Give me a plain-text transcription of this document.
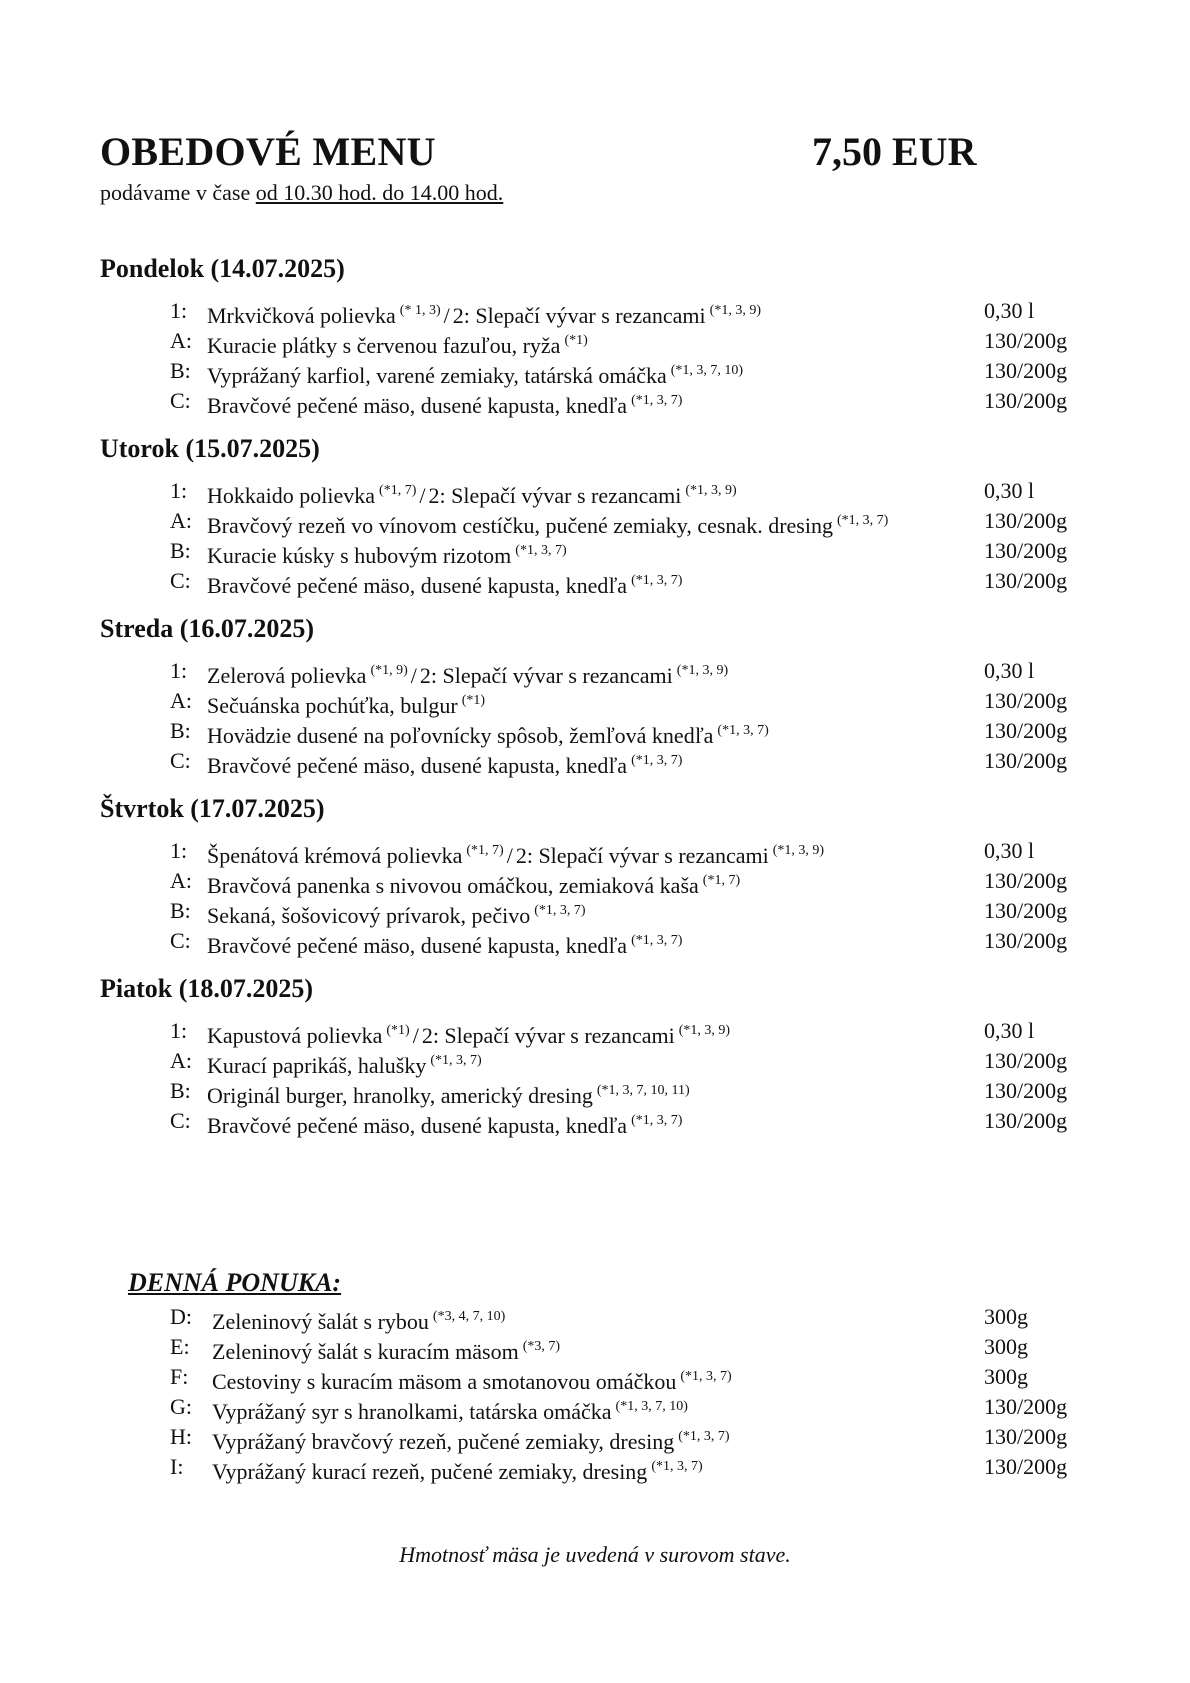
OBEDOVÉ MENU	7,50 EUR
podávame v čase od 10.30 hod. do 14.00 hod.
Pondelok (14.07.2025)
1: Mrkvičková polievka $^{(* 1, 3)}$ / 2: Slepačí vývar s rezancami $^{(*1, 3, 9)}$	0,30 l
A: Kuracie plátky s červenou fazuľou, ryža $^{(*1)}$	130/200g
B: Vyprážaný karfiol, varené zemiaky, tatárská omáčka $^{(*1, 3, 7, 10)}$	130/200g
C: Bravčové pečené mäso, dusené kapusta, knedľa $^{(*1, 3, 7)}$	130/200g
Utorok (15.07.2025)
1: Hokkaido polievka $^{(*1, 7)}$ / 2: Slepačí vývar s rezancami $^{(*1, 3, 9)}$	0,30 l
A: Bravčový rezeň vo vínovom cestíčku, pučené zemiaky, cesnak. dresing $^{(*1, 3, 7)}$	130/200g
B: Kuracie kúsky s hubovým rizotom $^{(*1, 3, 7)}$	130/200g
C: Bravčové pečené mäso, dusené kapusta, knedľa $^{(*1, 3, 7)}$	130/200g
Streda (16.07.2025)
1: Zelerová polievka $^{(*1, 9)}$ / 2: Slepačí vývar s rezancami $^{(*1, 3, 9)}$	0,30 l
A: Sečuánska pochúťka, bulgur $^{(*1)}$	130/200g
B: Hovädzie dusené na poľovnícky spôsob, žemľová knedľa $^{(*1, 3, 7)}$	130/200g
C: Bravčové pečené mäso, dusené kapusta, knedľa $^{(*1, 3, 7)}$	130/200g
Štvrtok (17.07.2025)
1: Špenátová krémová polievka $^{(*1, 7)}$ / 2: Slepačí vývar s rezancami $^{(*1, 3, 9)}$	0,30 l
A: Bravčová panenka s nivovou omáčkou, zemiaková kaša $^{(*1, 7)}$	130/200g
B: Sekaná, šošovicový prívarok, pečivo $^{(*1, 3, 7)}$	130/200g
C: Bravčové pečené mäso, dusené kapusta, knedľa $^{(*1, 3, 7)}$	130/200g
Piatok (18.07.2025)
1: Kapustová polievka $^{(*1)}$ / 2: Slepačí vývar s rezancami $^{(*1, 3, 9)}$	0,30 l
A: Kurací paprikáš, halušky $^{(*1, 3, 7)}$	130/200g
B: Originál burger, hranolky, americký dresing $^{(*1, 3, 7, 10, 11)}$	130/200g
C: Bravčové pečené mäso, dusené kapusta, knedľa $^{(*1, 3, 7)}$	130/200g
DENNÁ PONUKA:
D: Zeleninový šalát s rybou $^{(*3, 4, 7, 10)}$	300g
E:	Zeleninový šalát s kuracím mäsom $^{(*3, 7)}$	300g
F:	Cestoviny s kuracím mäsom a smotanovou omáčkou $^{(*1, 3, 7)}$	300g
G: Vyprážaný syr s hranolkami, tatárska omáčka $^{(*1, 3, 7, 10)}$	130/200g
H: Vyprážaný bravčový rezeň, pučené zemiaky, dresing $^{(*1, 3, 7)}$	130/200g
I:	Vyprážaný kurací rezeň, pučené zemiaky, dresing $^{(*1, 3, 7)}$	130/200g
Hmotnosť mäsa je uvedená v surovom stave.
